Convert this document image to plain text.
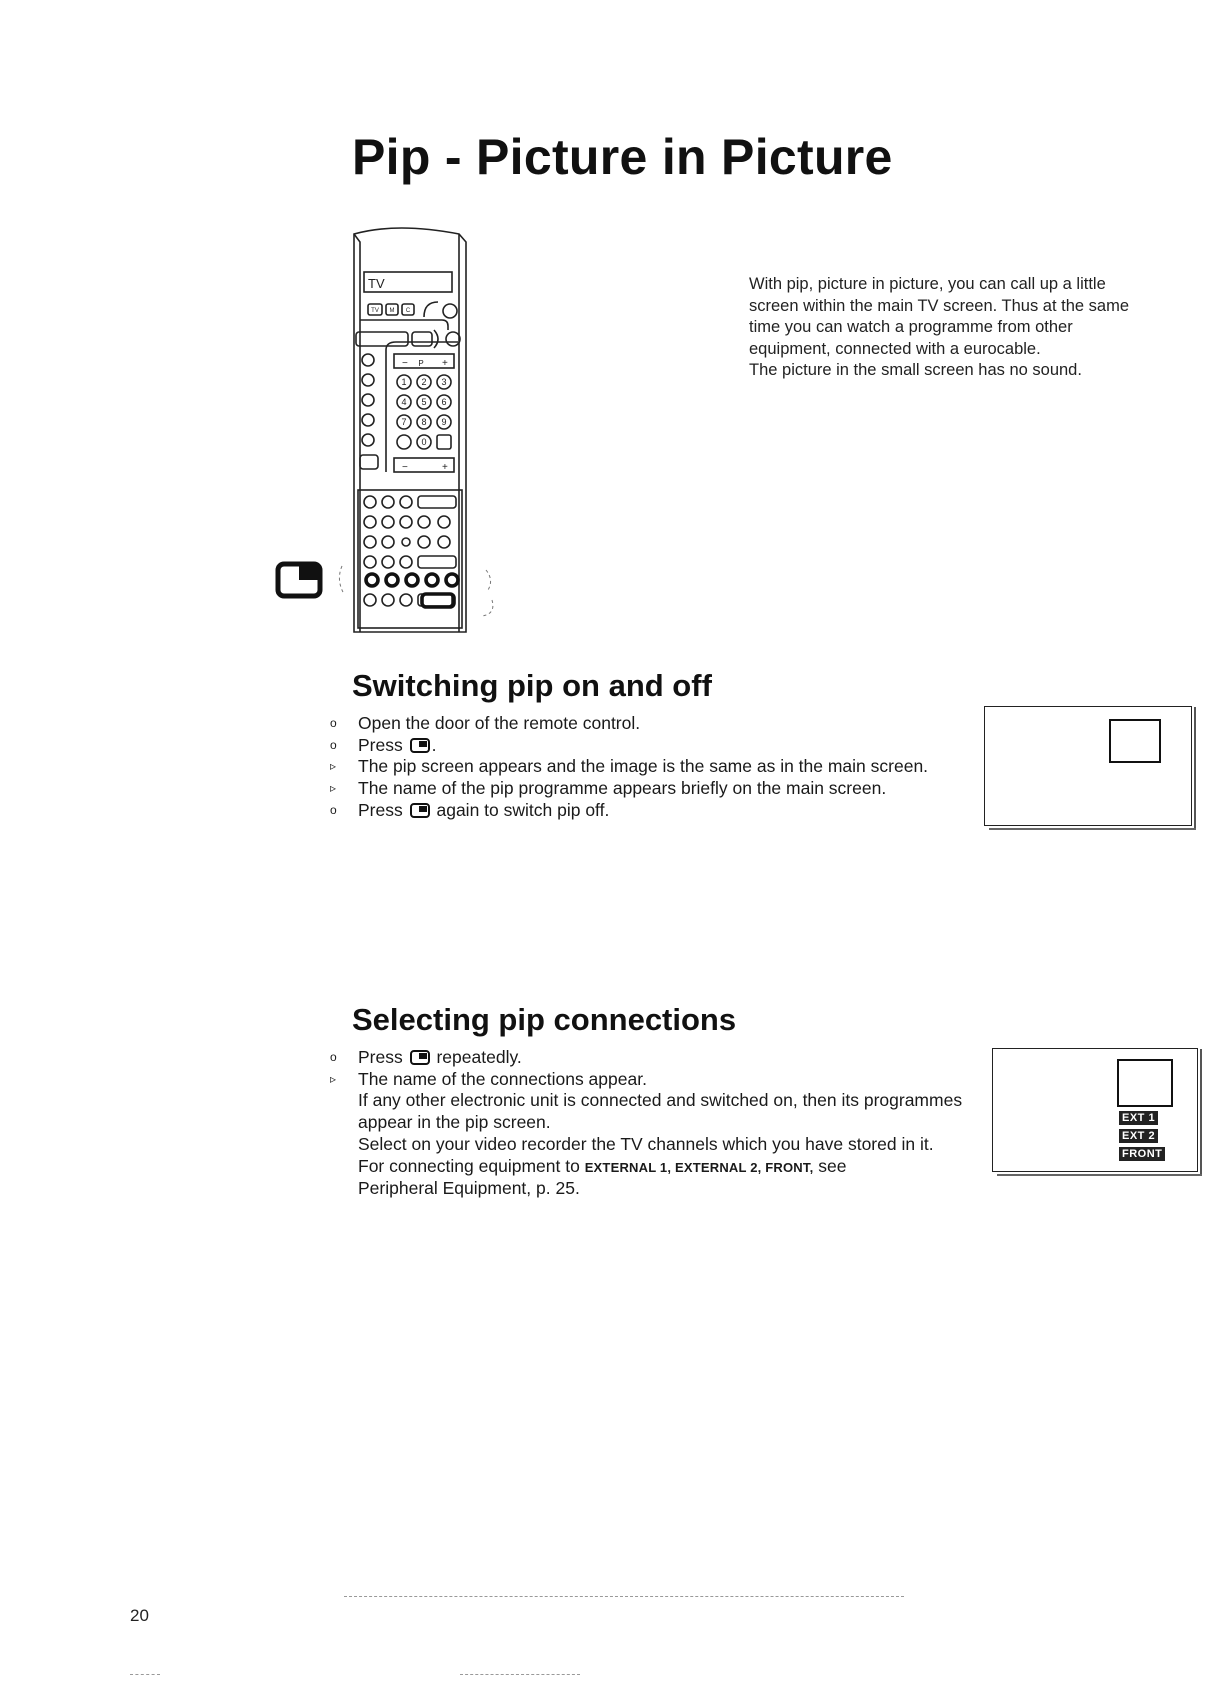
Pip - Picture in Picture
TV
P
−	+
−	+
1 2 3
4 5 6
7 8 9
0
TV M C

With pip, picture in picture, you can call up a little

screen within the main TV screen. Thus at the same

time you can watch a programme from other

equipment, connected with a eurocable.

The picture in the small screen has no sound.

Switching pip on and off
o	Open the door of the remote control.
o	Press .
▹	The pip screen appears and the image is the same as in the main screen.
▹	The name of the pip programme appears briefly on the main screen.
o	Press again to switch pip off.
Selecting pip connections
o	Press repeatedly.
▹	The name of the connections appear.
If any other electronic unit is connected and switched on, then its programmes appear in the pip screen.
Select on your video recorder the TV channels which you have stored in it.
For connecting equipment to EXTERNAL 1, EXTERNAL 2, FRONT, see
Peripheral Equipment, p. 25.
EXT 1
EXT 2
FRONT
20
